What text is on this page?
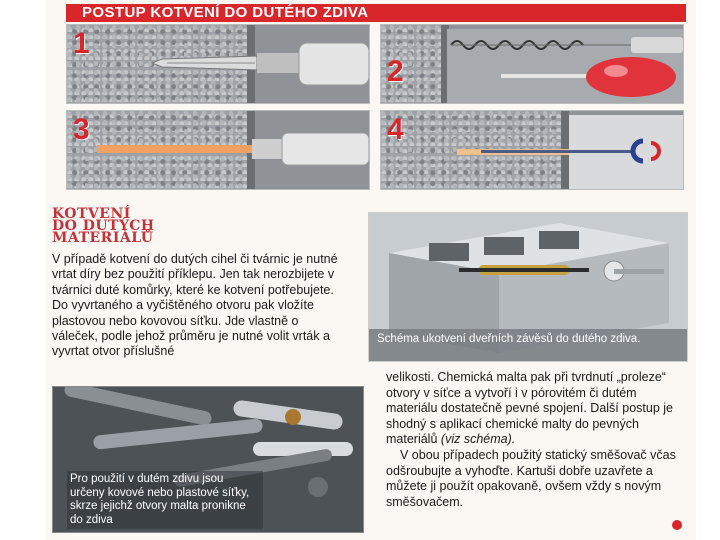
POSTUP KOTVENÍ DO DUTÉHO ZDIVA
1
2
3	4
KOTVENÍ
DO DUTÝCH
MATERIÁLŮ
V případě kotvení do dutých cihel či tvárnic je nutné vrtat díry bez použití příklepu. Jen tak nerozbijete v tvárnici duté komůrky, které ke kotvení potřebujete. Do vyvrtaného a vyčištěného otvoru pak vložíte plastovou nebo kovovou síťku. Jde vlastně o váleček, podle jehož průměru je nutné volit vrták a vyvrtat otvor příslušné
Schéma ukotvení dveřních závěsů do dutého zdiva.
Pro použití v dutém zdivu jsou určeny kovové nebo plastové síťky, skrze jejichž otvory malta pronikne do zdiva

velikosti. Chemická malta pak při tvrdnutí „proleze“ otvory v síťce a vytvoří i v pórovitém či dutém materiálu dostatečně pevné spojení. Další postup je shodný s aplikací chemické malty do pevných materiálů (viz schéma).

V obou případech použitý statický směšovač včas odšroubujte a vyhoďte. Kartuši dobře uzavřete a můžete ji použít opakovaně, ovšem vždy s novým směšovačem.
